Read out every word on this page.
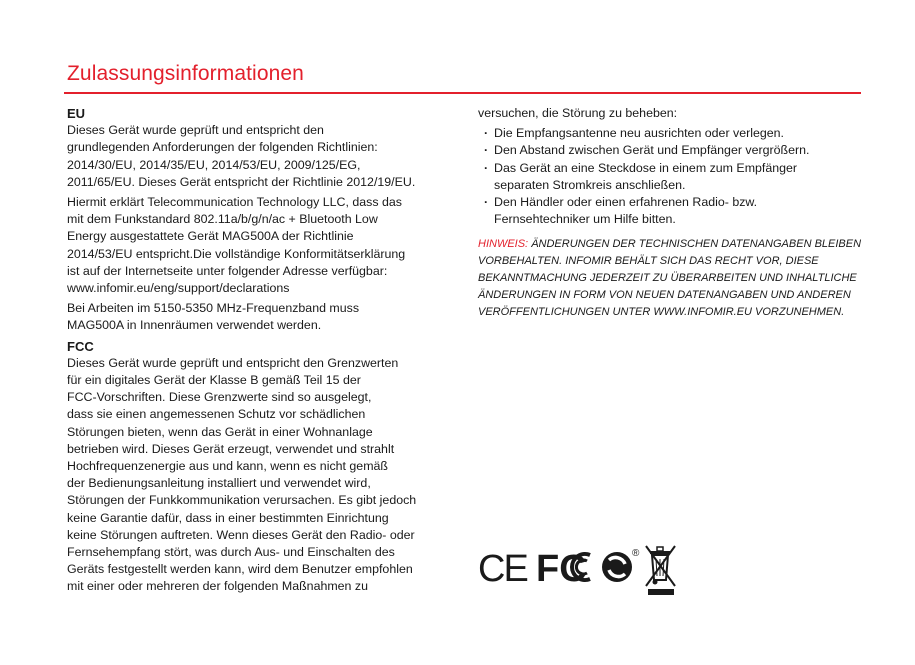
Zulassungsinformationen
EU

Dieses Gerät wurde geprüft und entspricht den
grundlegenden Anforderungen der folgenden Richtlinien:
2014/30/EU, 2014/35/EU, 2014/53/EU, 2009/125/EG,
2011/65/EU. Dieses Gerät entspricht der Richtlinie 2012/19/EU.

Hiermit erklärt Telecommunication Technology LLC, dass das
mit dem Funkstandard 802.11a/b/g/n/ac + Bluetooth Low
Energy ausgestattete Gerät MAG500A der Richtlinie
2014/53/EU entspricht.Die vollständige Konformitätserklärung
ist auf der Internetseite unter folgender Adresse verfügbar:
www.infomir.eu/eng/support/declarations

Bei Arbeiten im 5150-5350 MHz-Frequenzband muss
MAG500A in Innenräumen verwendet werden.

FCC

Dieses Gerät wurde geprüft und entspricht den Grenzwerten
für ein digitales Gerät der Klasse B gemäß Teil 15 der
FCC-Vorschriften. Diese Grenzwerte sind so ausgelegt,
dass sie einen angemessenen Schutz vor schädlichen
Störungen bieten, wenn das Gerät in einer Wohnanlage
betrieben wird. Dieses Gerät erzeugt, verwendet und strahlt
Hochfrequenzenergie aus und kann, wenn es nicht gemäß
der Bedienungsanleitung installiert und verwendet wird,
Störungen der Funkkommunikation verursachen. Es gibt jedoch
keine Garantie dafür, dass in einer bestimmten Einrichtung
keine Störungen auftreten. Wenn dieses Gerät den Radio- oder
Fernsehempfang stört, was durch Aus- und Einschalten des
Geräts festgestellt werden kann, wird dem Benutzer empfohlen
mit einer oder mehreren der folgenden Maßnahmen zu

versuchen, die Störung zu beheben:

· Die Empfangsantenne neu ausrichten oder verlegen.
· Den Abstand zwischen Gerät und Empfänger vergrößern.
· Das Gerät an eine Steckdose in einem zum Empfänger
separaten Stromkreis anschließen.
· Den Händler oder einen erfahrenen Radio- bzw.
Fernsehtechniker um Hilfe bitten.
HINWEIS: ÄNDERUNGEN DER TECHNISCHEN DATENANGABEN BLEIBEN VORBEHALTEN. INFOMIR BEHÄLT SICH DAS RECHT VOR, DIESE BEKANNTMACHUNG JEDERZEIT ZU ÜBERARBEITEN UND INHALTLICHE ÄNDERUNGEN IN FORM VON NEUEN DATENANGABEN UND ANDEREN VERÖFFENTLICHUNGEN UNTER WWW.INFOMIR.EU VORZUNEHMEN.
CE FC	®
